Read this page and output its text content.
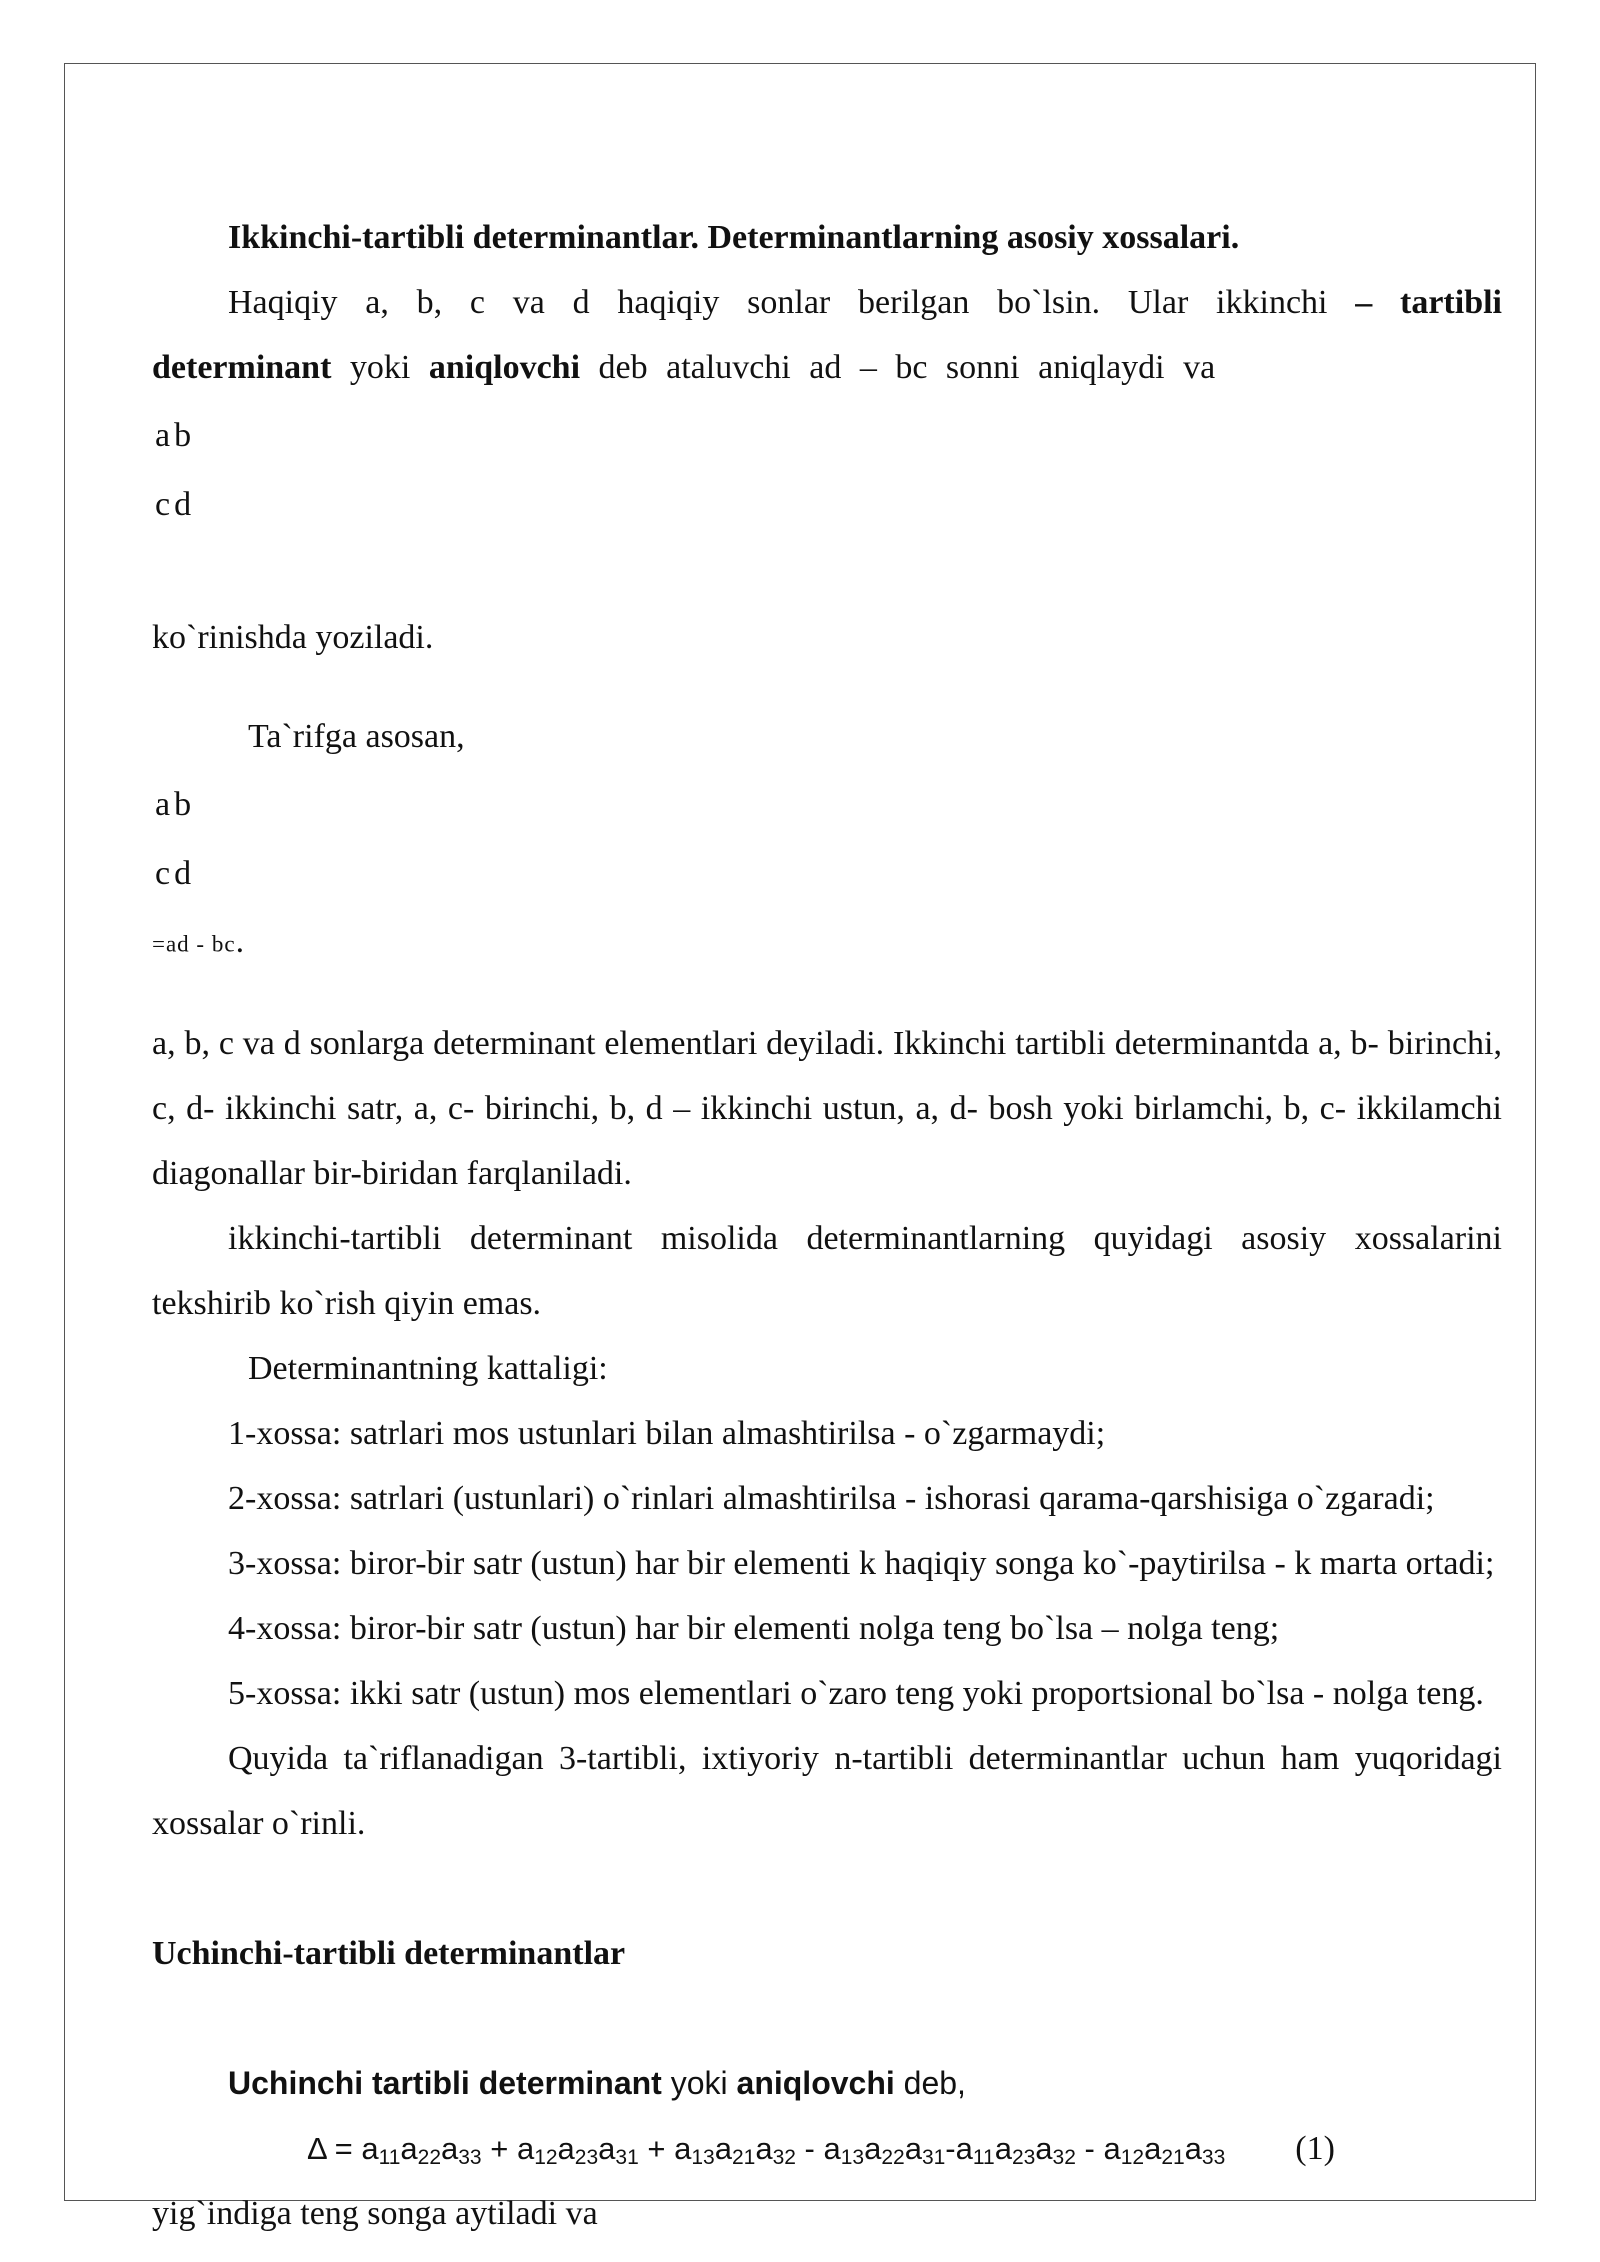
Ikkinchi-tartibli determinantlar. Determinantlarning asosiy xossalari.

Haqiqiy a, b, c va d haqiqiy sonlar berilgan bo`lsin. Ular ikkinchi – tartibli determinant yoki aniqlovchi deb ataluvchi ad – bc sonni aniqlaydi va

a	b
c	d

ko`rinishda yoziladi.

Ta`rifga asosan,

a	b
c	d
=ad - bc.

a, b, c va d sonlarga determinant elementlari deyiladi. Ikkinchi tartibli determinantda a, b- birinchi, c, d- ikkinchi satr, a, c- birinchi, b, d – ikkinchi ustun, a, d- bosh yoki birlamchi, b, c- ikkilamchi diagonallar bir-biridan farqlaniladi.

ikkinchi-tartibli determinant misolida determinantlarning quyidagi asosiy xossalarini tekshirib ko`rish qiyin emas.

Determinantning kattaligi:

1-xossa: satrlari mos ustunlari bilan almashtirilsa - o`zgarmaydi;

2-xossa: satrlari (ustunlari) o`rinlari almashtirilsa - ishorasi qarama-qarshisiga o`zgaradi;

3-xossa: biror-bir satr (ustun) har bir elementi k haqiqiy songa ko`-paytirilsa - k marta ortadi;

4-xossa: biror-bir satr (ustun) har bir elementi nolga teng bo`lsa – nolga teng;

5-xossa: ikki satr (ustun) mos elementlari o`zaro teng yoki proportsional bo`lsa - nolga teng.

Quyida ta`riflanadigan 3-tartibli, ixtiyoriy n-tartibli determinantlar uchun ham yuqoridagi xossalar o`rinli.

Uchinchi-tartibli determinantlar

Uchinchi tartibli determinant yoki aniqlovchi deb,

$\Delta = a_{11}a_{22}a_{33} + a_{12}a_{23}a_{31} + a_{13}a_{21}a_{32} - a_{13}a_{22}a_{31}-a_{11}a_{23}a_{32} - a_{12}a_{21}a_{33}$ (1)

yig`indiga teng songa aytiladi va
